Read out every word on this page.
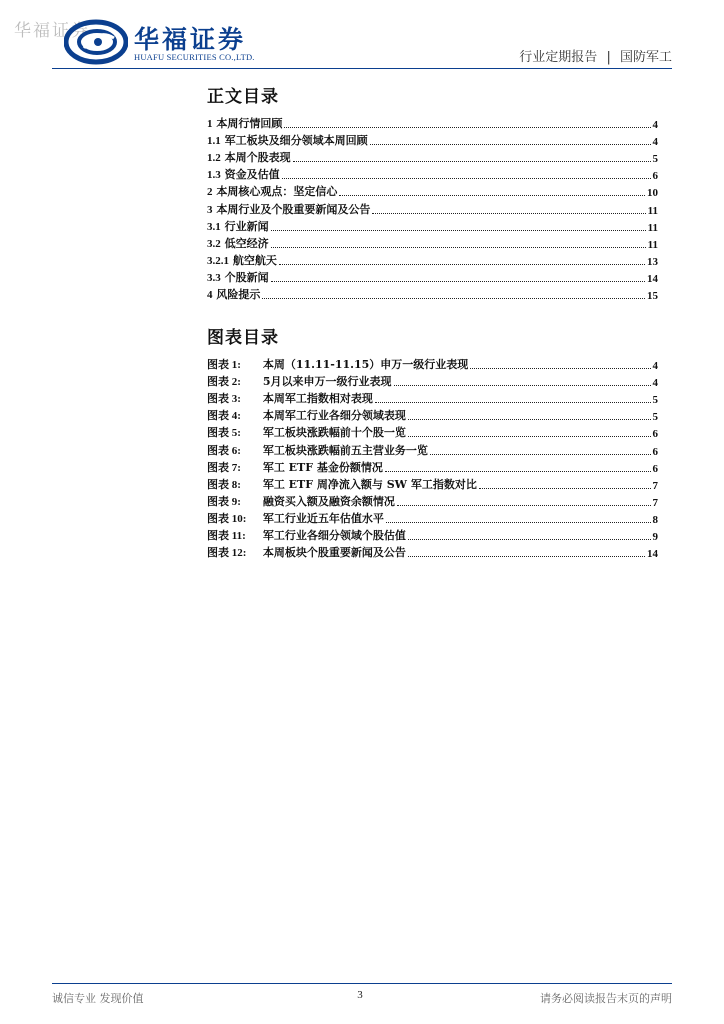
华福证券 华福证券
HUAFU SECURITIES CO.,LTD.	行业定期报告 | 国防军工
正文目录
1 本周行情回顾	4
1.1 军工板块及细分领域本周回顾	4
1.2 本周个股表现	5
1.3 资金及估值	6
2 本周核心观点：坚定信心	10
3 本周行业及个股重要新闻及公告	11
3.1 行业新闻	11
3.2 低空经济	11
3.2.1 航空航天	13
3.3 个股新闻	14
4 风险提示	15
图表目录
图表 1: 本周（11.11-11.15）申万一级行业表现	4
图表 2: 5月以来申万一级行业表现	4
图表 3: 本周军工指数相对表现	5
图表 4: 本周军工行业各细分领域表现	5
图表 5: 军工板块涨跌幅前十个股一览	6
图表 6: 军工板块涨跌幅前五主营业务一览	6
图表 7: 军工 ETF 基金份额情况	6
图表 8: 军工 ETF 周净流入额与 SW 军工指数对比	7
图表 9: 融资买入额及融资余额情况	7
图表 10: 军工行业近五年估值水平	8
图表 11: 军工行业各细分领域个股估值	9
图表 12: 本周板块个股重要新闻及公告	14
诚信专业 发现价值	3	请务必阅读报告末页的声明
